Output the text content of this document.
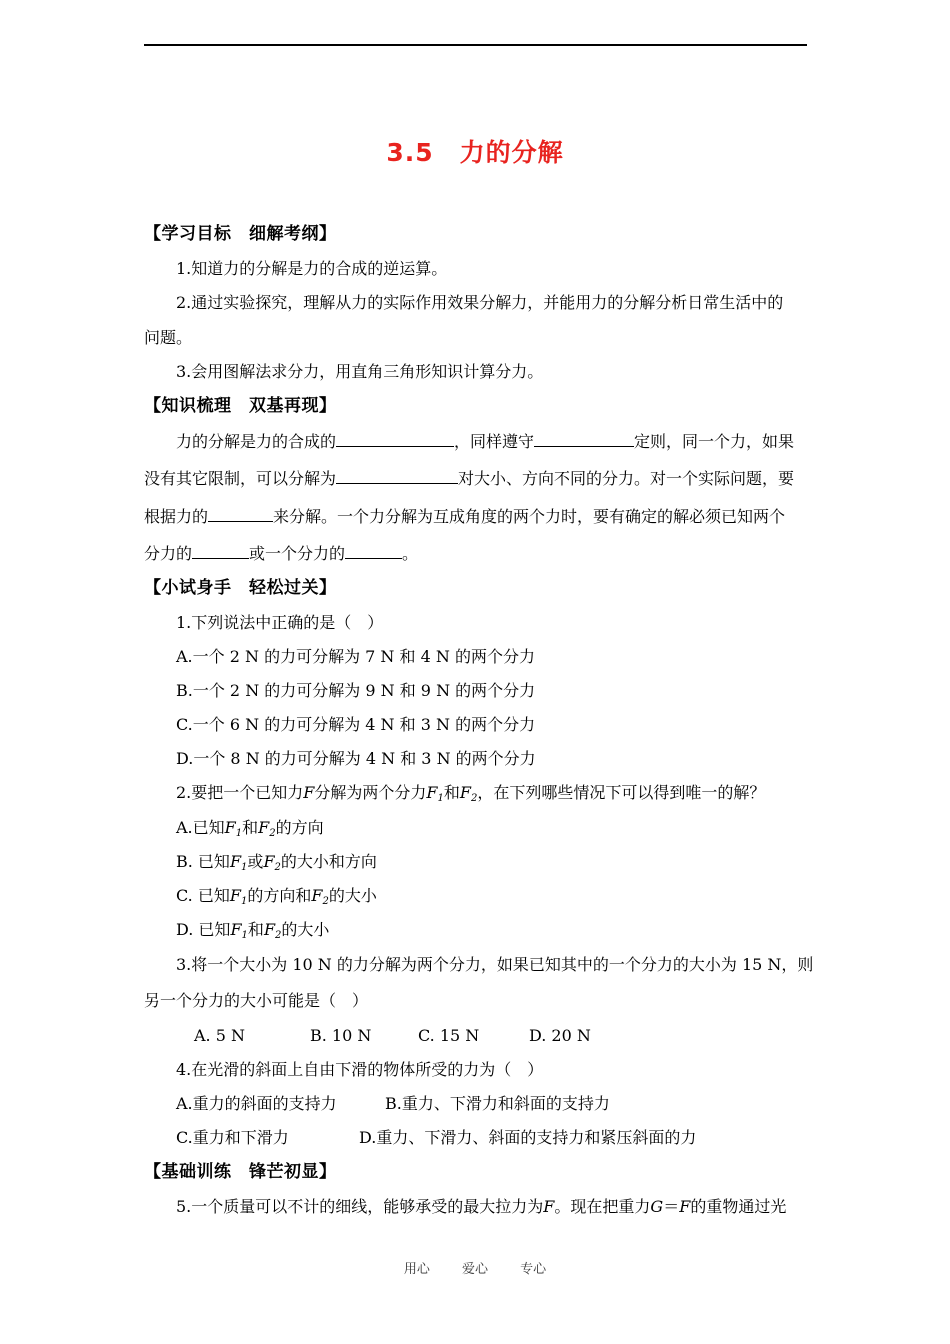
3.5　力的分解
【学习目标　细解考纲】
1.知道力的分解是力的合成的逆运算。
2.通过实验探究，理解从力的实际作用效果分解力，并能用力的分解分析日常生活中的
问题。
3.会用图解法求分力，用直角三角形知识计算分力。
【知识梳理　双基再现】
力的分解是力的合成的	，同样遵守	定则，同一个力，如果
没有其它限制，可以分解为	对大小、方向不同的分力。对一个实际问题，要
根据力的	来分解。一个力分解为互成角度的两个力时，要有确定的解必须已知两个
分力的	或一个分力的	。
【小试身手　轻松过关】
1.下列说法中正确的是（　）
A.一个 2 N 的力可分解为 7 N 和 4 N 的两个分力
B.一个 2 N 的力可分解为 9 N 和 9 N 的两个分力
C.一个 6 N 的力可分解为 4 N 和 3 N 的两个分力
D.一个 8 N 的力可分解为 4 N 和 3 N 的两个分力
2.要把一个已知力F分解为两个分力$F_1$和$F_2$，在下列哪些情况下可以得到唯一的解？
A.已知$F_1$和$F_2$的方向
B. 已知$F_1$或$F_2$的大小和方向
C. 已知$F_1$的方向和$F_2$的大小
D. 已知$F_1$和$F_2$的大小
3.将一个大小为 10 N 的力分解为两个分力，如果已知其中的一个分力的大小为 15 N，则
另一个分力的大小可能是（　）
A. 5 N	B. 10 N	C. 15 N	D. 20 N
4.在光滑的斜面上自由下滑的物体所受的力为（　）
A.重力的斜面的支持力	B.重力、下滑力和斜面的支持力
C.重力和下滑力	D.重力、下滑力、斜面的支持力和紧压斜面的力
【基础训练　锋芒初显】
5.一个质量可以不计的细线，能够承受的最大拉力为F。现在把重力G＝F的重物通过光
用心 爱心 专心
